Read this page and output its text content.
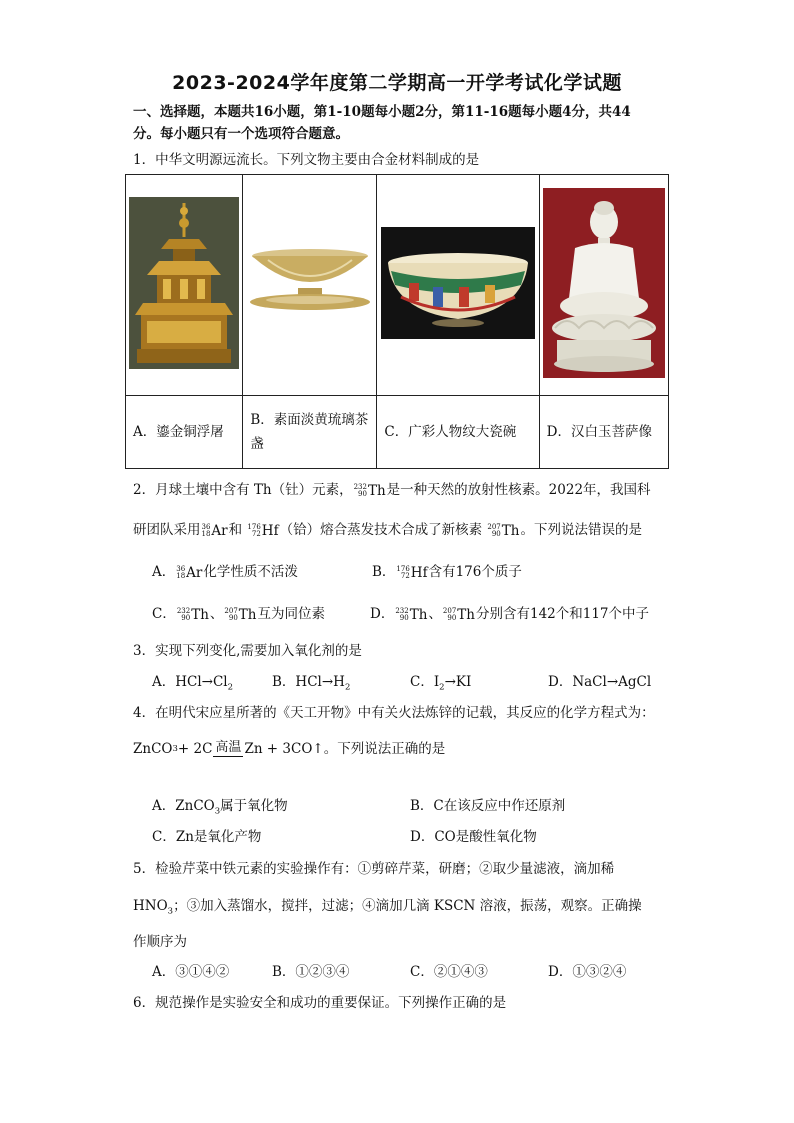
2023-2024学年度第二学期高一开学考试化学试题
一、选择题，本题共16小题，第1-10题每小题2分，第11-16题每小题4分，共44
分。每小题只有一个选项符合题意。
1．中华文明源远流长。下列文物主要由合金材料制成的是

A．鎏金铜浮屠	B．素面淡黄琉璃茶
盏	C．广彩人物纹大瓷碗	D．汉白玉菩萨像
2．月球土壤中含有 Th（钍）元素， 232
90 Th 是一种天然的放射性核素。2022年，我国科
研团队采用 36
18 Ar 和 176
72 Hf （铪）熔合蒸发技术合成了新核素 207
90 Th 。下列说法错误的是
A． 36
18 Ar 化学性质不活泼	B． 176
72 Hf 含有176个质子
C． 232
90 Th 、 207
90 Th 互为同位素	D． 232
90 Th 、 207
90 Th 分别含有142个和117个中子
3．实现下列变化,需要加入氧化剂的是
A．$HCl\to Cl_2$	B．$HCl\to H_2$	C．$I_2\to KI$	D．NaCl→AgCl
4．在明代宋应星所著的《天工开物》中有关火法炼锌的记载，其反应的化学方程式为：
ZnCO 3 + 2C 高温 Zn + 3CO↑ 。下列说法正确的是
A．ZnCO$_3$属于氧化物	B．C在该反应中作还原剂
C．Zn是氧化产物	D．CO是酸性氧化物
5．检验芹菜中铁元素的实验操作有：①剪碎芹菜，研磨；②取少量滤液，滴加稀
$HNO_3$；③加入蒸馏水，搅拌，过滤；④滴加几滴 KSCN 溶液，振荡，观察。正确操
作顺序为
A．③①④②	B．①②③④	C．②①④③	D．①③②④
6．规范操作是实验安全和成功的重要保证。下列操作正确的是
